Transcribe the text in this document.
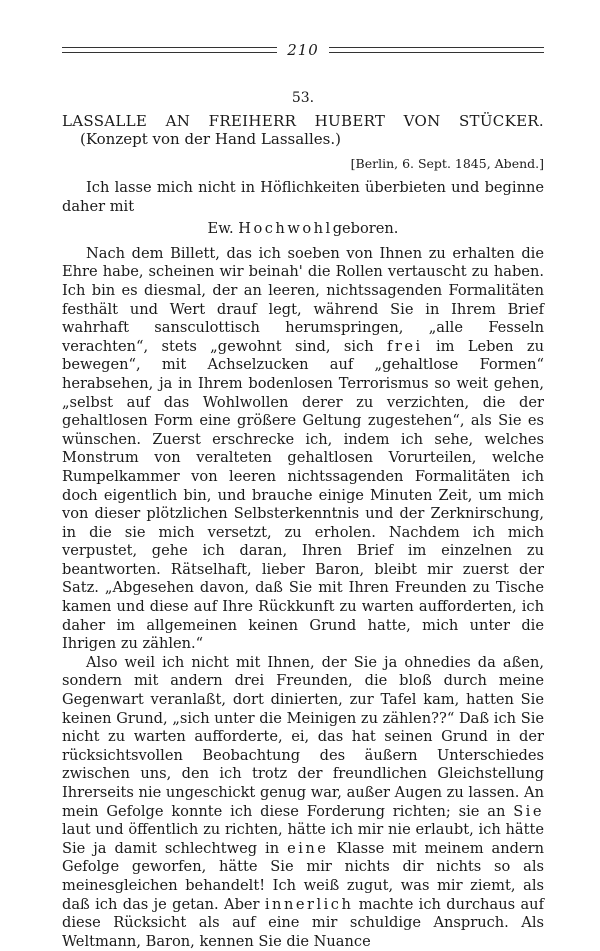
210
53.

LASSALLE AN FREIHERR HUBERT VON STÜCKER. (Konzept von der Hand Lassalles.)

[Berlin, 6. Sept. 1845, Abend.]

Ich lasse mich nicht in Höflichkeiten überbieten und beginne daher mit

Ew. Hochwohlgeboren.

Nach dem Billett, das ich soeben von Ihnen zu erhalten die Ehre habe, scheinen wir beinah' die Rollen vertauscht zu haben. Ich bin es diesmal, der an leeren, nichtssagenden Formalitäten festhält und Wert drauf legt, während Sie in Ihrem Brief wahrhaft sansculottisch herumspringen, „alle Fesseln verachten“, stets „gewohnt sind, sich frei im Leben zu bewegen“, mit Achselzucken auf „gehaltlose Formen“ herabsehen, ja in Ihrem bodenlosen Terrorismus so weit gehen, „selbst auf das Wohlwollen derer zu verzichten, die der gehaltlosen Form eine größere Geltung zugestehen“, als Sie es wünschen. Zuerst erschrecke ich, indem ich sehe, welches Monstrum von veralteten gehaltlosen Vorurteilen, welche Rumpelkammer von leeren nichtssagenden Formalitäten ich doch eigentlich bin, und brauche einige Minuten Zeit, um mich von dieser plötzlichen Selbsterkenntnis und der Zerknirschung, in die sie mich versetzt, zu erholen. Nachdem ich mich verpustet, gehe ich daran, Ihren Brief im einzelnen zu beantworten. Rätselhaft, lieber Baron, bleibt mir zuerst der Satz. „Abgesehen davon, daß Sie mit Ihren Freunden zu Tische kamen und diese auf Ihre Rückkunft zu warten aufforderten, ich daher im allgemeinen keinen Grund hatte, mich unter die Ihrigen zu zählen.“

Also weil ich nicht mit Ihnen, der Sie ja ohnedies da aßen, sondern mit andern drei Freunden, die bloß durch meine Gegenwart veranlaßt, dort dinierten, zur Tafel kam, hatten Sie keinen Grund, „sich unter die Meinigen zu zählen??“ Daß ich Sie nicht zu warten aufforderte, ei, das hat seinen Grund in der rücksichtsvollen Beobachtung des äußern Unterschiedes zwischen uns, den ich trotz der freundlichen Gleichstellung Ihrerseits nie ungeschickt genug war, außer Augen zu lassen. An mein Gefolge konnte ich diese Forderung richten; sie an Sie laut und öffentlich zu richten, hätte ich mir nie erlaubt, ich hätte Sie ja damit schlechtweg in eine Klasse mit meinem andern Gefolge geworfen, hätte Sie mir nichts dir nichts so als meinesgleichen behandelt! Ich weiß zugut, was mir ziemt, als daß ich das je getan. Aber innerlich machte ich durchaus auf diese Rücksicht als auf eine mir schuldige Anspruch. Als Weltmann, Baron, kennen Sie die Nuance
